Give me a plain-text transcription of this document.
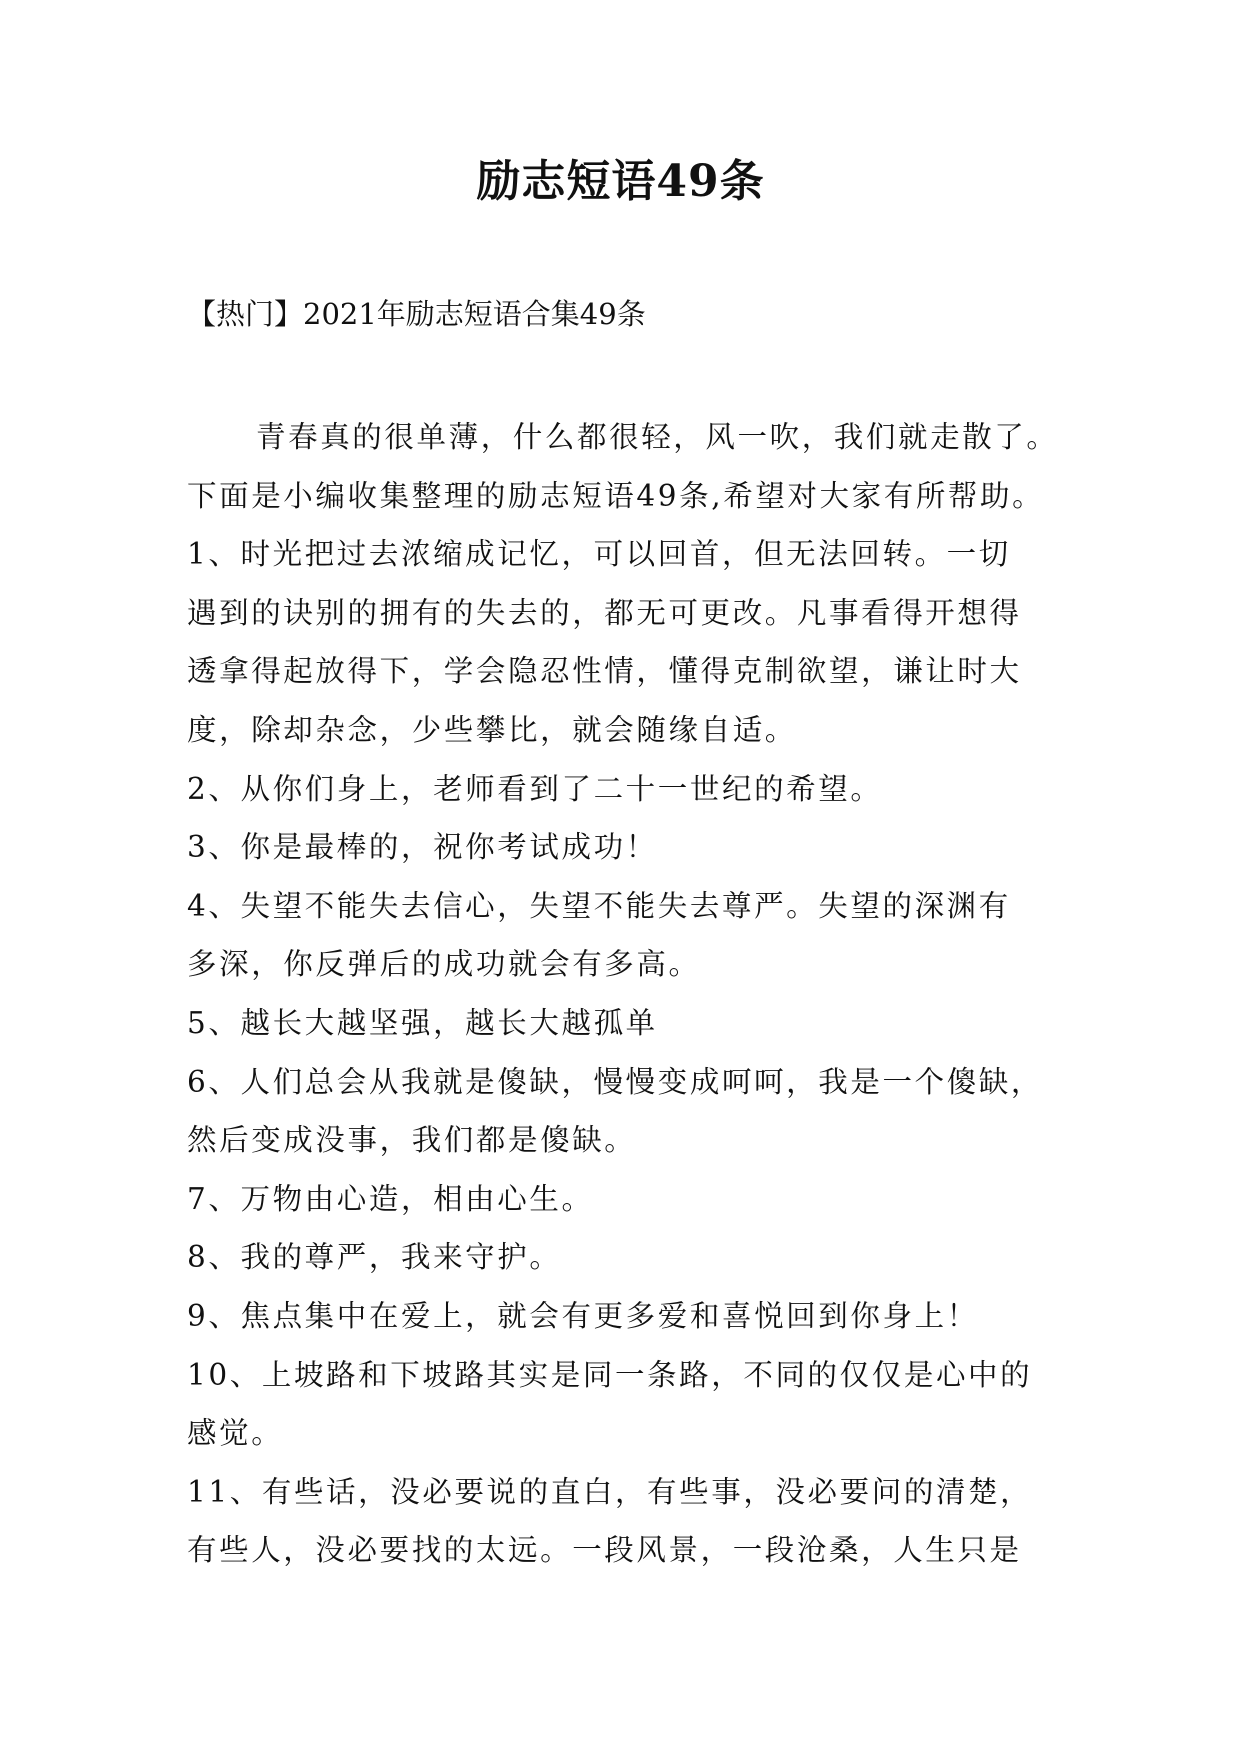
励志短语49条

【热门】2021年励志短语合集49条

青春真的很单薄，什么都很轻，风一吹，我们就走散了。
下面是小编收集整理的励志短语49条,希望对大家有所帮助。
1、时光把过去浓缩成记忆，可以回首，但无法回转。一切
遇到的诀别的拥有的失去的，都无可更改。凡事看得开想得
透拿得起放得下，学会隐忍性情，懂得克制欲望，谦让时大
度，除却杂念，少些攀比，就会随缘自适。
2、从你们身上，老师看到了二十一世纪的希望。
3、你是最棒的，祝你考试成功！
4、失望不能失去信心，失望不能失去尊严。失望的深渊有
多深，你反弹后的成功就会有多高。
5、越长大越坚强，越长大越孤单
6、人们总会从我就是傻缺，慢慢变成呵呵，我是一个傻缺，
然后变成没事，我们都是傻缺。
7、万物由心造，相由心生。
8、我的尊严，我来守护。
9、焦点集中在爱上，就会有更多爱和喜悦回到你身上！
10、上坡路和下坡路其实是同一条路，不同的仅仅是心中的
感觉。
11、有些话，没必要说的直白，有些事，没必要问的清楚，
有些人，没必要找的太远。一段风景，一段沧桑，人生只是
